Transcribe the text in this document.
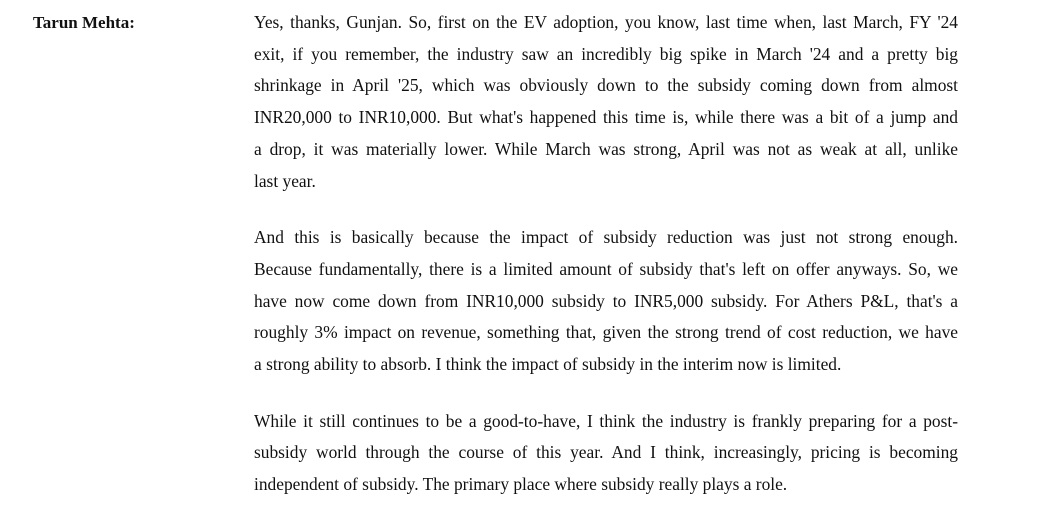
Tarun Mehta:	Yes, thanks, Gunjan. So, first on the EV adoption, you know, last time when, last March, FY '24
exit, if you remember, the industry saw an incredibly big spike in March '24 and a pretty big
shrinkage in April '25, which was obviously down to the subsidy coming down from almost
INR20,000 to INR10,000. But what's happened this time is, while there was a bit of a jump and
a drop, it was materially lower. While March was strong, April was not as weak at all, unlike
last year.

And this is basically because the impact of subsidy reduction was just not strong enough.
Because fundamentally, there is a limited amount of subsidy that's left on offer anyways. So, we
have now come down from INR10,000 subsidy to INR5,000 subsidy. For Athers P&L, that's a
roughly 3% impact on revenue, something that, given the strong trend of cost reduction, we have
a strong ability to absorb. I think the impact of subsidy in the interim now is limited.

While it still continues to be a good-to-have, I think the industry is frankly preparing for a post-
subsidy world through the course of this year. And I think, increasingly, pricing is becoming
independent of subsidy. The primary place where subsidy really plays a role.
